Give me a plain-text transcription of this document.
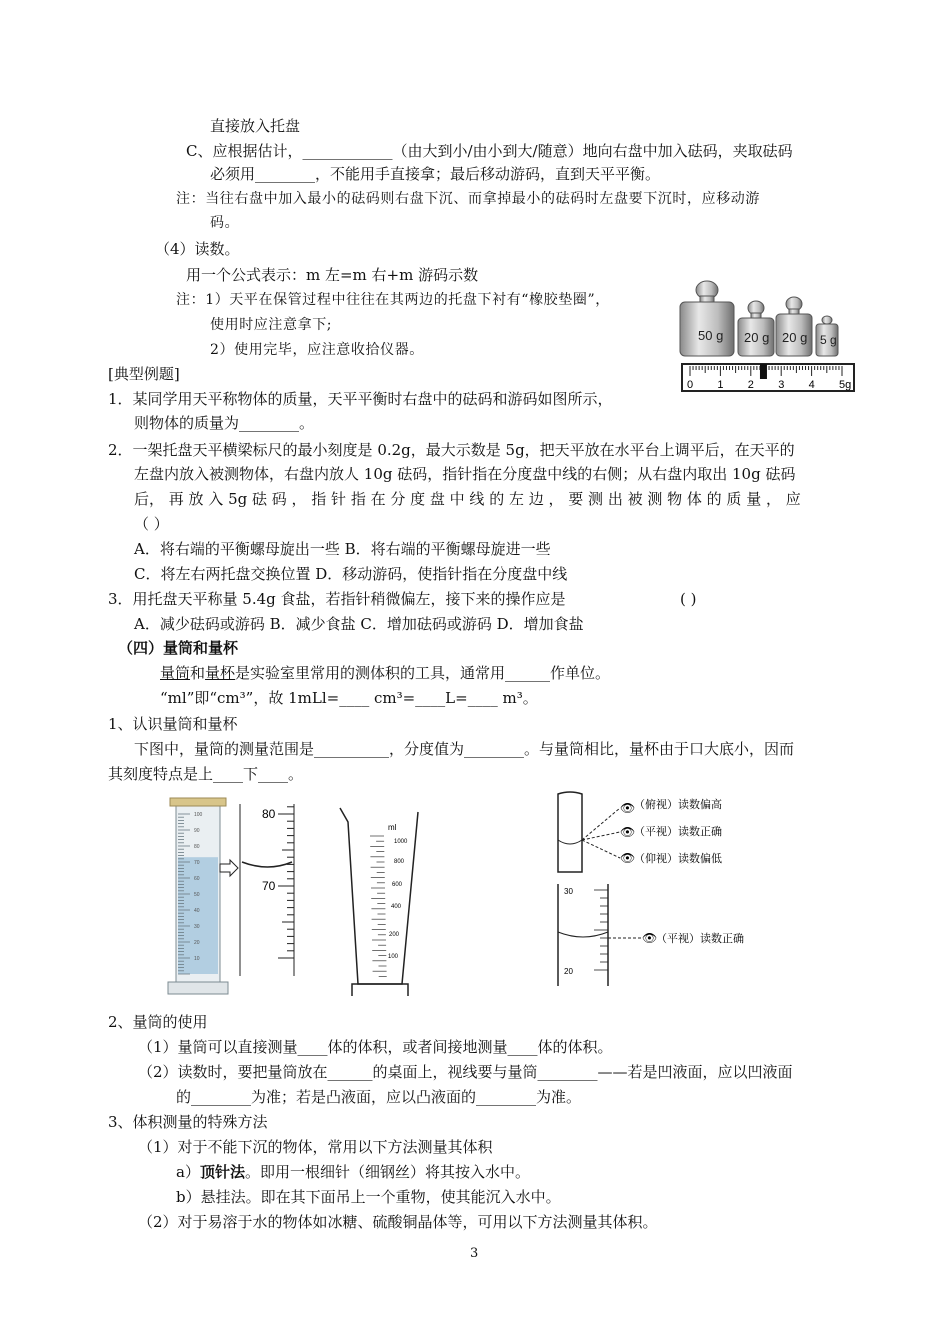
直接放入托盘
C、应根据估计，____________（由大到小/由小到大/随意）地向右盘中加入砝码，夹取砝码
必须用________，不能用手直接拿；最后移动游码，直到天平平衡。
注：当往右盘中加入最小的砝码则右盘下沉、而拿掉最小的砝码时左盘要下沉时，应移动游
码。
（4）读数。
用一个公式表示：m 左=m 右+m 游码示数
注：1）天平在保管过程中往往在其两边的托盘下衬有“橡胶垫圈”，
使用时应注意拿下;
2）使用完毕，应注意收拾仪器。
[典型例题]
1．某同学用天平称物体的质量，天平平衡时右盘中的砝码和游码如图所示，
则物体的质量为________。
2．一架托盘天平横梁标尺的最小刻度是 0.2g，最大示数是 5g，把天平放在水平台上调平后，在天平的
左盘内放入被测物体，右盘内放人 10g 砝码，指针指在分度盘中线的右侧；从右盘内取出 10g 砝码
后， 再 放 入 5g 砝 码 ， 指 针 指 在 分 度 盘 中 线 的 左 边 ， 要 测 出 被 测 物 体 的 质 量 ， 应
（ ）
A．将右端的平衡螺母旋出一些 B．将右端的平衡螺母旋进一些
C．将左右两托盘交换位置 D．移动游码，使指针指在分度盘中线
3．用托盘天平称量 5.4g 食盐，若指针稍微偏左，接下来的操作应是	( )
A．减少砝码或游码 B．减少食盐 C．增加砝码或游码 D．增加食盐
（四）量筒和量杯
量筒和量杯是实验室里常用的测体积的工具，通常用______作单位。
“ml”即“cm³”，故 1mLl=____ cm³=____L=____ m³。
1、认识量筒和量杯
下图中，量筒的测量范围是__________，分度值为________。与量筒相比，量杯由于口大底小，因而
其刻度特点是上____下____。
50 g 20 g 20 g 5 g
0 1 2 3 4 5g
100
90
80
70
60
50
40
30
20
10
80
70
ml
1000
800
600
400
200
100
👁
👁
👁
（俯视）读数偏高
（平视）读数正确
（仰视）读数偏低
30
20
👁
（平视）读数正确
2、量筒的使用
（1）量筒可以直接测量____体的体积，或者间接地测量____体的体积。
（2）读数时，要把量筒放在______的桌面上，视线要与量筒________——若是凹液面，应以凹液面
的________为准；若是凸液面，应以凸液面的________为准。
3、体积测量的特殊方法
（1）对于不能下沉的物体，常用以下方法测量其体积
a）顶针法。即用一根细针（细钢丝）将其按入水中。
b）悬挂法。即在其下面吊上一个重物，使其能沉入水中。
（2）对于易溶于水的物体如冰糖、硫酸铜晶体等，可用以下方法测量其体积。
3
